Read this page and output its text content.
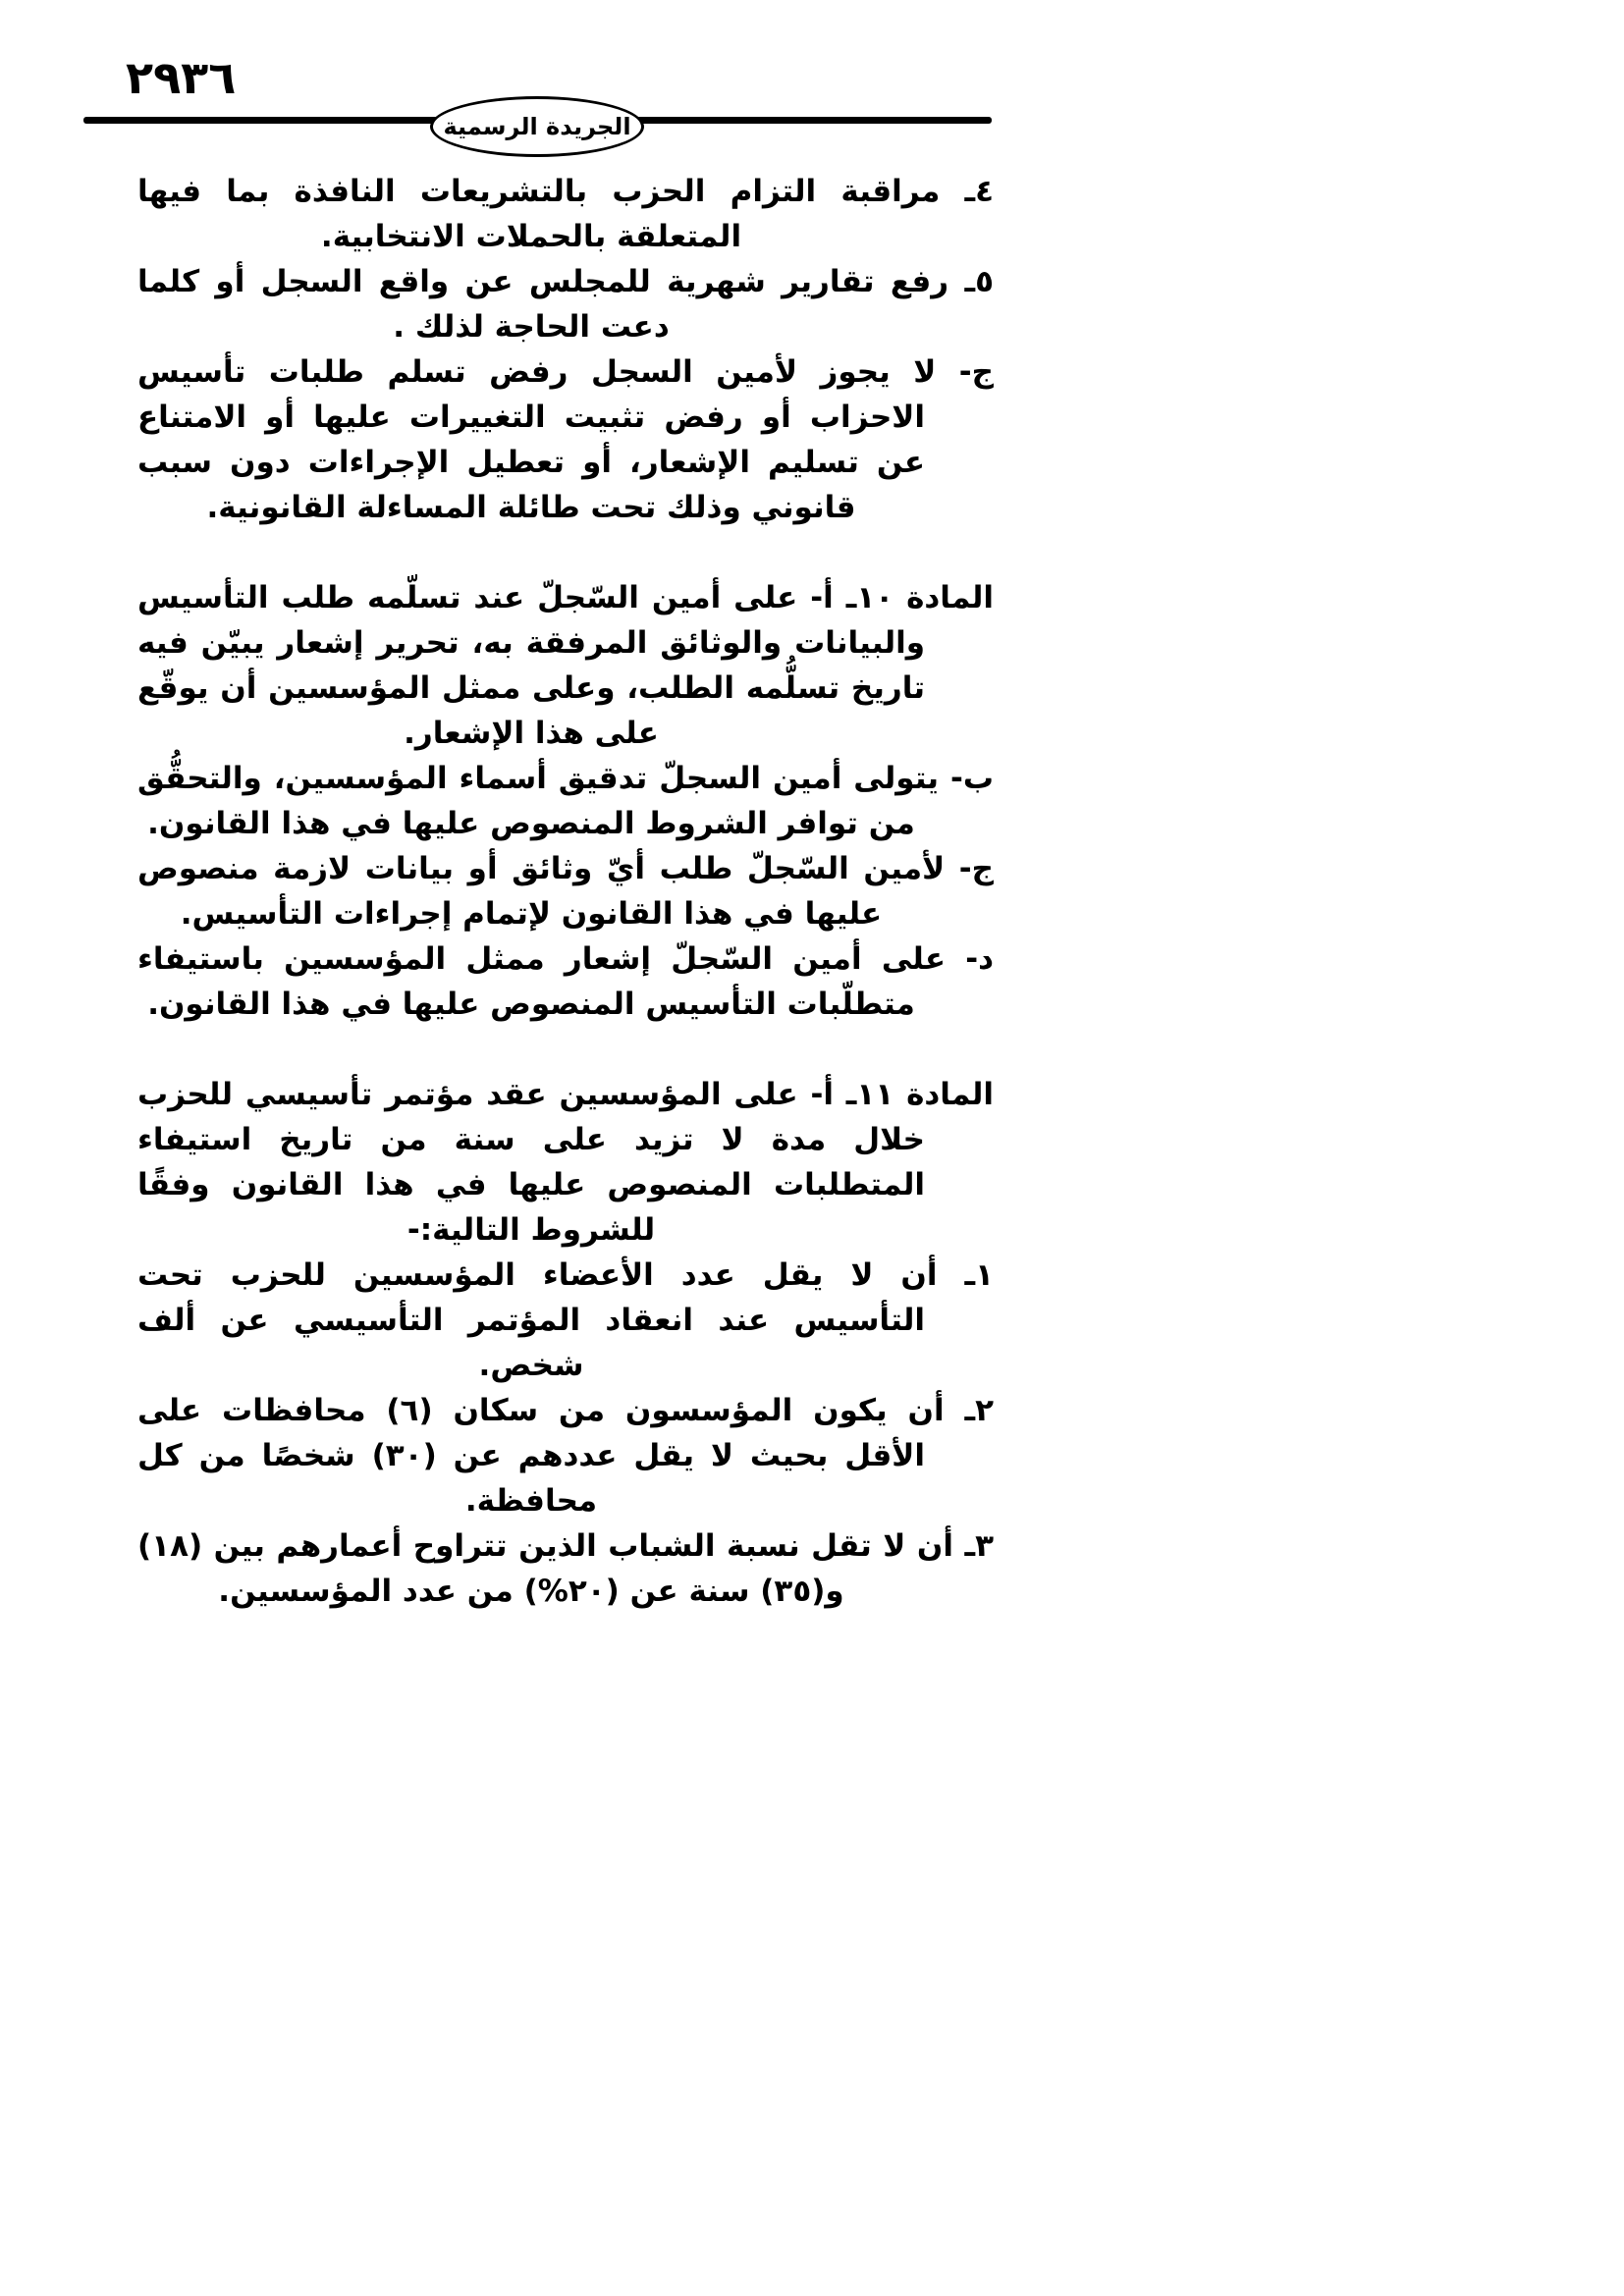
٢٩٣٦
الجريدة الرسمية

٤ـ مراقبة التزام الحزب بالتشريعات النافذة بما فيها المتعلقة بالحملات الانتخابية.

٥ـ رفع تقارير شهرية للمجلس عن واقع السجل أو كلما دعت الحاجة لذلك .

ج- لا يجوز لأمين السجل رفض تسلم طلبات تأسيس الاحزاب أو رفض تثبيت التغييرات عليها أو الامتناع عن تسليم الإشعار، أو تعطيل الإجراءات دون سبب قانوني وذلك تحت طائلة المساءلة القانونية.

المادة ١٠ـ أ- على أمين السّجلّ عند تسلّمه طلب التأسيس والبيانات والوثائق المرفقة به، تحرير إشعار يبيّن فيه تاريخ تسلُّمه الطلب، وعلى ممثل المؤسسين أن يوقّع على هذا الإشعار.

ب- يتولى أمين السجلّ تدقيق أسماء المؤسسين، والتحقُّق من توافر الشروط المنصوص عليها في هذا القانون.

ج- لأمين السّجلّ طلب أيّ وثائق أو بيانات لازمة منصوص عليها في هذا القانون لإتمام إجراءات التأسيس.

د- على أمين السّجلّ إشعار ممثل المؤسسين باستيفاء متطلّبات التأسيس المنصوص عليها في هذا القانون.

المادة ١١ـ أ- على المؤسسين عقد مؤتمر تأسيسي للحزب خلال مدة لا تزيد على سنة من تاريخ استيفاء المتطلبات المنصوص عليها في هذا القانون وفقًا للشروط التالية:-

١ـ أن لا يقل عدد الأعضاء المؤسسين للحزب تحت التأسيس عند انعقاد المؤتمر التأسيسي عن ألف شخص.

٢ـ أن يكون المؤسسون من سكان (٦) محافظات على الأقل بحيث لا يقل عددهم عن (٣٠) شخصًا من كل محافظة.

٣ـ أن لا تقل نسبة الشباب الذين تتراوح أعمارهم بين (١٨) و(٣٥) سنة عن (٢٠%) من عدد المؤسسين.
